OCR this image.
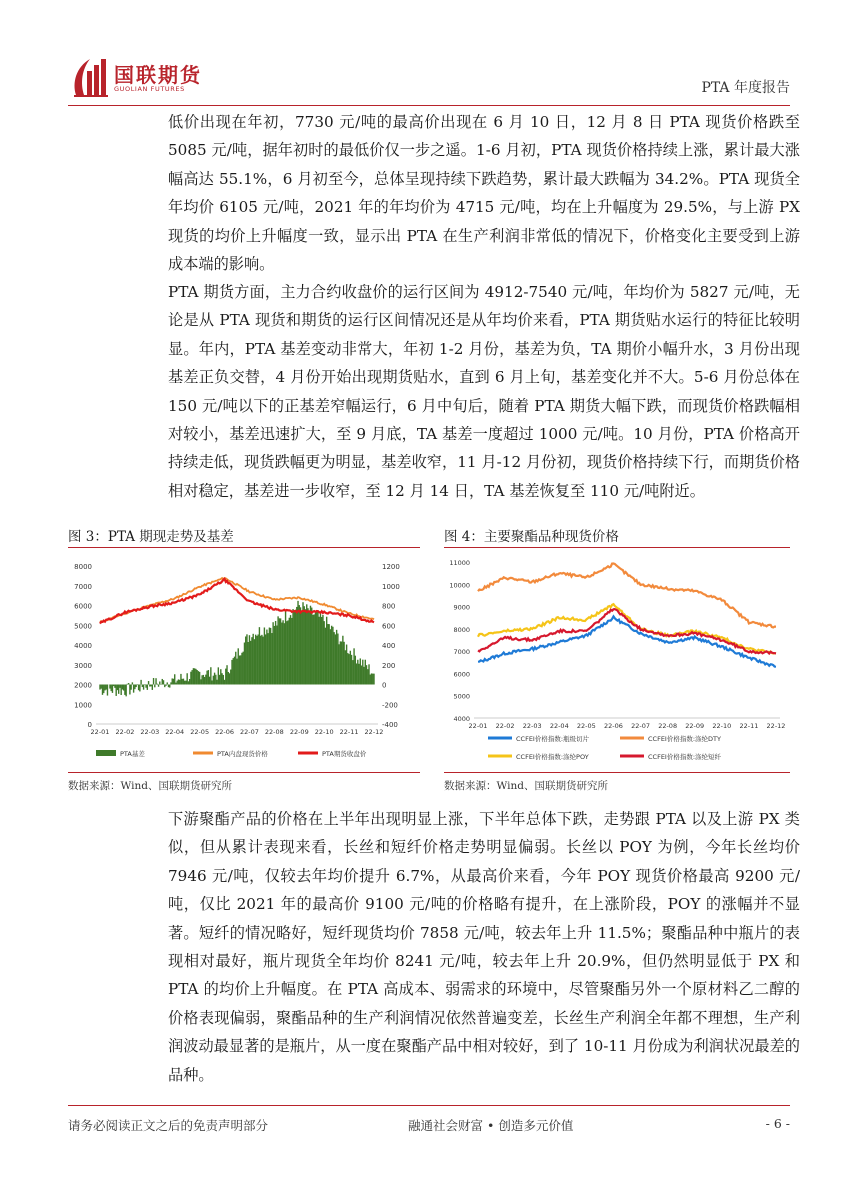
国联期货
GUOLIAN FUTURES	PTA 年度报告
低价出现在年初，7730 元/吨的最高价出现在 6 月 10 日，12 月 8 日 PTA 现货价格跌至 5085 元/吨，据年初时的最低价仅一步之遥。1-6 月初，PTA 现货价格持续上涨，累计最大涨幅高达 55.1%，6 月初至今，总体呈现持续下跌趋势，累计最大跌幅为 34.2%。PTA 现货全年均价 6105 元/吨，2021 年的年均价为 4715 元/吨，均在上升幅度为 29.5%，与上游 PX 现货的均价上升幅度一致，显示出 PTA 在生产利润非常低的情况下，价格变化主要受到上游成本端的影响。
PTA 期货方面，主力合约收盘价的运行区间为 4912-7540 元/吨，年均价为 5827 元/吨，无论是从 PTA 现货和期货的运行区间情况还是从年均价来看，PTA 期货贴水运行的特征比较明显。年内，PTA 基差变动非常大，年初 1-2 月份，基差为负，TA 期价小幅升水，3 月份出现基差正负交替，4 月份开始出现期货贴水，直到 6 月上旬，基差变化并不大。5-6 月份总体在 150 元/吨以下的正基差窄幅运行，6 月中旬后，随着 PTA 期货大幅下跌，而现货价格跌幅相对较小，基差迅速扩大，至 9 月底，TA 基差一度超过 1000 元/吨。10 月份，PTA 价格高开持续走低，现货跌幅更为明显，基差收窄，11 月-12 月份初，现货价格持续下行，而期货价格相对稳定，基差进一步收窄，至 12 月 14 日，TA 基差恢复至 110 元/吨附近。
图 3：PTA 期现走势及基差	图 4：主要聚酯品种现货价格
8000
7000
6000
5000
4000
3000
2000
1000
0
1200
1000
800
600
400
200
0
-200
-400
22-01 22-02 22-03 22-04 22-05 22-06 22-07 22-08 22-09 22-10 22-11 22-12
PTA基差	PTA内盘现货价格	PTA期货收盘价
11000
10000
9000
8000
7000
6000
5000
4000
22-01 22-02 22-03 22-04 22-05 22-06 22-07 22-08 22-09 22-10 22-11 22-12
CCFEI价格指数:瓶级切片	CCFEI价格指数:涤纶DTY
CCFEI价格指数:涤纶POY	CCFEI价格指数:涤纶短纤
数据来源：Wind、国联期货研究所	数据来源：Wind、国联期货研究所
下游聚酯产品的价格在上半年出现明显上涨，下半年总体下跌，走势跟 PTA 以及上游 PX 类似，但从累计表现来看，长丝和短纤价格走势明显偏弱。长丝以 POY 为例，今年长丝均价 7946 元/吨，仅较去年均价提升 6.7%，从最高价来看，今年 POY 现货价格最高 9200 元/吨，仅比 2021 年的最高价 9100 元/吨的价格略有提升，在上涨阶段，POY 的涨幅并不显著。短纤的情况略好，短纤现货均价 7858 元/吨，较去年上升 11.5%；聚酯品种中瓶片的表现相对最好，瓶片现货全年均价 8241 元/吨，较去年上升 20.9%，但仍然明显低于 PX 和 PTA 的均价上升幅度。在 PTA 高成本、弱需求的环境中，尽管聚酯另外一个原材料乙二醇的价格表现偏弱，聚酯品种的生产利润情况依然普遍变差，长丝生产利润全年都不理想，生产利润波动最显著的是瓶片，从一度在聚酯产品中相对较好，到了 10-11 月份成为利润状况最差的品种。
请务必阅读正文之后的免责声明部分	融通社会财富 • 创造多元价值	- 6 -
